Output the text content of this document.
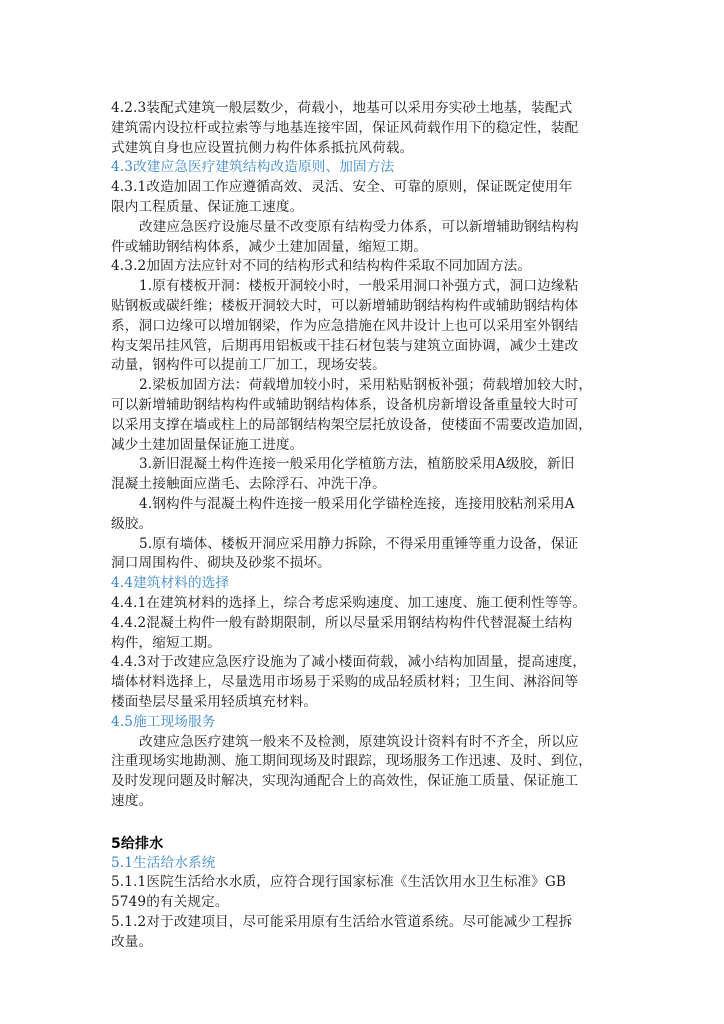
4.2.3装配式建筑一般层数少，荷载小，地基可以采用夯实砂土地基，装配式
建筑需内设拉杆或拉索等与地基连接牢固，保证风荷载作用下的稳定性，装配
式建筑自身也应设置抗侧力构件体系抵抗风荷载。
4.3改建应急医疗建筑结构改造原则、加固方法
4.3.1改造加固工作应遵循高效、灵活、安全、可靠的原则，保证既定使用年
限内工程质量、保证施工速度。
改建应急医疗设施尽量不改变原有结构受力体系，可以新增辅助钢结构构
件或辅助钢结构体系，减少土建加固量，缩短工期。
4.3.2加固方法应针对不同的结构形式和结构构件采取不同加固方法。
1.原有楼板开洞：楼板开洞较小时，一般采用洞口补强方式，洞口边缘粘
贴钢板或碳纤维；楼板开洞较大时，可以新增辅助钢结构构件或辅助钢结构体
系，洞口边缘可以增加钢梁，作为应急措施在风井设计上也可以采用室外钢结
构支架吊挂风管，后期再用铝板或干挂石材包装与建筑立面协调，减少土建改
动量，钢构件可以提前工厂加工，现场安装。
2.梁板加固方法：荷载增加较小时，采用粘贴钢板补强；荷载增加较大时，
可以新增辅助钢结构构件或辅助钢结构体系，设备机房新增设备重量较大时可
以采用支撑在墙或柱上的局部钢结构架空层托放设备，使楼面不需要改造加固，
减少土建加固量保证施工进度。
3.新旧混凝土构件连接一般采用化学植筋方法，植筋胶采用A级胶，新旧
混凝土接触面应凿毛、去除浮石、冲洗干净。
4.钢构件与混凝土构件连接一般采用化学锚栓连接，连接用胶粘剂采用A
级胶。
5.原有墙体、楼板开洞应采用静力拆除，不得采用重锤等重力设备，保证
洞口周围构件、砌块及砂浆不损坏。
4.4建筑材料的选择
4.4.1在建筑材料的选择上，综合考虑采购速度、加工速度、施工便利性等等。
4.4.2混凝土构件一般有龄期限制，所以尽量采用钢结构构件代替混凝土结构
构件，缩短工期。
4.4.3对于改建应急医疗设施为了减小楼面荷载，减小结构加固量，提高速度，
墙体材料选择上，尽量选用市场易于采购的成品轻质材料；卫生间、淋浴间等
楼面垫层尽量采用轻质填充材料。
4.5施工现场服务
改建应急医疗建筑一般来不及检测，原建筑设计资料有时不齐全，所以应
注重现场实地勘测、施工期间现场及时跟踪，现场服务工作迅速、及时、到位，
及时发现问题及时解决，实现沟通配合上的高效性，保证施工质量、保证施工
速度。
5给排水
5.1生活给水系统
5.1.1医院生活给水水质，应符合现行国家标准《生活饮用水卫生标准》GB
5749的有关规定。
5.1.2对于改建项目，尽可能采用原有生活给水管道系统。尽可能减少工程拆
改量。
